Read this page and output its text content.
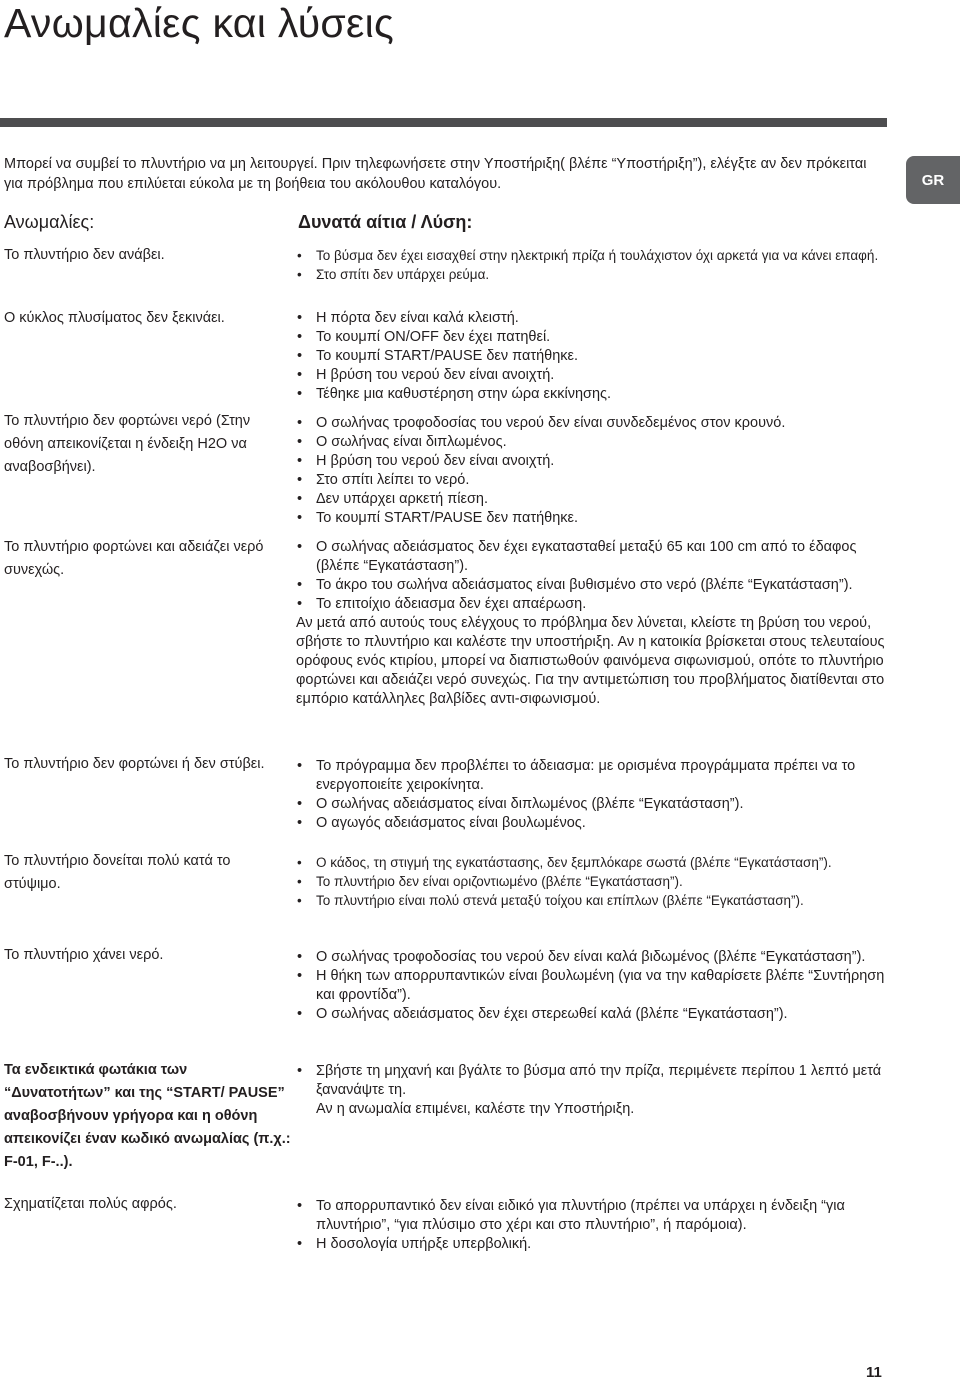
Ανωμαλίες και λύσεις
Μπορεί να συμβεί το πλυντήριο να μη λειτουργεί. Πριν τηλεφωνήσετε στην Υποστήριξη( βλέπε “Υποστήριξη”), ελέγξτε αν δεν πρόκειται για πρόβλημα που επιλύεται εύκολα με τη βοήθεια του ακόλουθου καταλόγου.	GR
Ανωμαλίες:	Δυνατά αίτια / Λύση:
Το πλυντήριο δεν ανάβει.	• Το βύσμα δεν έχει εισαχθεί στην ηλεκτρική πρίζα ή τουλάχιστον όχι αρκετά για να κάνει επαφή.
• Στο σπίτι δεν υπάρχει ρεύμα.
Ο κύκλος πλυσίματος δεν ξεκινάει.	• Η πόρτα δεν είναι καλά κλειστή.
• Το κουμπί ON/OFF δεν έχει πατηθεί.
• Το κουμπί START/PAUSE δεν πατήθηκε.
• Η βρύση του νερού δεν είναι ανοιχτή.
• Τέθηκε μια καθυστέρηση στην ώρα εκκίνησης.
Το πλυντήριο δεν φορτώνει νερό (Στην οθόνη απεικονίζεται η ένδειξη H2O να αναβοσβήνει).
• Ο σωλήνας τροφοδοσίας του νερού δεν είναι συνδεδεμένος στον κρουνό.
• Ο σωλήνας είναι διπλωμένος.
• Η βρύση του νερού δεν είναι ανοιχτή.
• Στο σπίτι λείπει το νερό.
• Δεν υπάρχει αρκετή πίεση.
• Το κουμπί START/PAUSE δεν πατήθηκε.
Το πλυντήριο φορτώνει και αδειάζει νερό συνεχώς.
• Ο σωλήνας αδειάσματος δεν έχει εγκατασταθεί μεταξύ 65 και 100 cm από το έδαφος (βλέπε “Εγκατάσταση”).
• Το άκρο του σωλήνα αδειάσματος είναι βυθισμένο στο νερό (βλέπε “Εγκατάσταση”).
• Το επιτοίχιο άδειασμα δεν έχει απαέρωση.

Αν μετά από αυτούς τους ελέγχους το πρόβλημα δεν λύνεται, κλείστε τη βρύση του νερού, σβήστε το πλυντήριο και καλέστε την υποστήριξη. Αν η κατοικία βρίσκεται στους τελευταίους ορόφους ενός κτιρίου, μπορεί να διαπιστωθούν φαινόμενα σιφωνισμού, οπότε το πλυντήριο φορτώνει και αδειάζει νερό συνεχώς. Για την αντιμετώπιση του προβλήματος διατίθενται στο εμπόριο κατάλληλες βαλβίδες αντι-σιφωνισμού.

Το πλυντήριο δεν φορτώνει ή δεν στύβει.	• Το πρόγραμμα δεν προβλέπει το άδειασμα: με ορισμένα προγράμματα πρέπει να το ενεργοποιείτε χειροκίνητα.
• Ο σωλήνας αδειάσματος είναι διπλωμένος (βλέπε “Εγκατάσταση”).
• Ο αγωγός αδειάσματος είναι βουλωμένος.
Το πλυντήριο δονείται πολύ κατά το στύψιμο.
• Ο κάδος, τη στιγμή της εγκατάστασης, δεν ξεμπλόκαρε σωστά (βλέπε “Εγκατάσταση”).
• Το πλυντήριο δεν είναι οριζοντιωμένο (βλέπε “Εγκατάσταση”).
• Το πλυντήριο είναι πολύ στενά μεταξύ τοίχου και επίπλων (βλέπε “Εγκατάσταση”).
Το πλυντήριο χάνει νερό.	• Ο σωλήνας τροφοδοσίας του νερού δεν είναι καλά βιδωμένος (βλέπε “Εγκατάσταση”).
• Η θήκη των απορρυπαντικών είναι βουλωμένη (για να την καθαρίσετε βλέπε “Συντήρηση και φροντίδα”).
• Ο σωλήνας αδειάσματος δεν έχει στερεωθεί καλά (βλέπε “Εγκατάσταση”).
Τα ενδεικτικά φωτάκια των “Δυνατοτήτων” και της “START/ PAUSE” αναβοσβήνουν γρήγορα και η οθόνη απεικονίζει έναν κωδικό ανωμαλίας (π.χ.: F-01, F-..).
• Σβήστε τη μηχανή και βγάλτε το βύσμα από την πρίζα, περιμένετε περίπου 1 λεπτό μετά ξανανάψτε τη.

Αν η ανωμαλία επιμένει, καλέστε την Υποστήριξη.

Σχηματίζεται πολύς αφρός.	• Το απορρυπαντικό δεν είναι ειδικό για πλυντήριο (πρέπει να υπάρχει η ένδειξη “για πλυντήριο”, “για πλύσιμο στο χέρι και στο πλυντήριο”, ή παρόμοια).
• Η δοσολογία υπήρξε υπερβολική.
11
